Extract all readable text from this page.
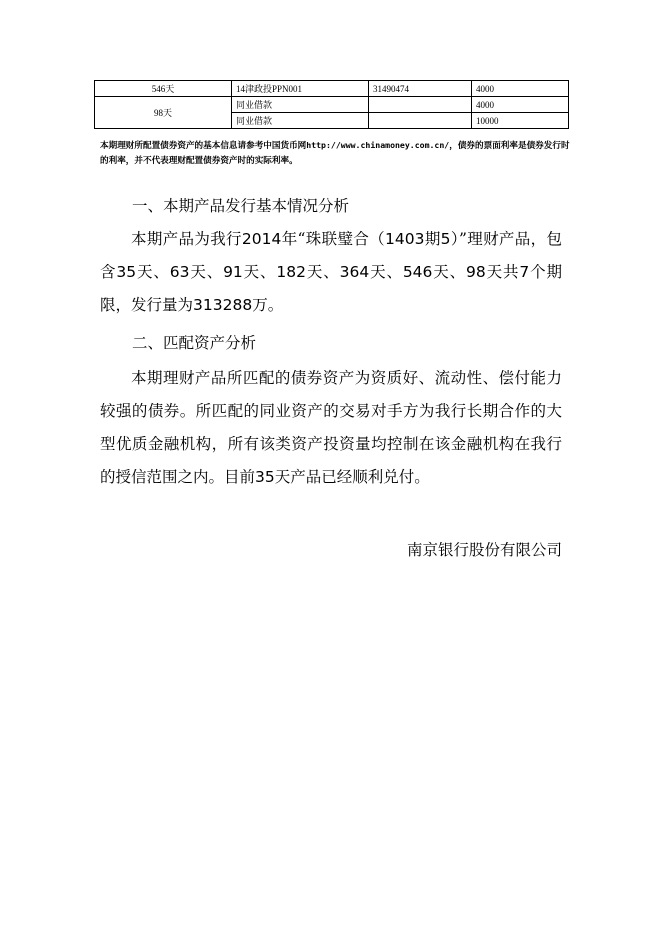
546天	14津政投PPN001	31490474	4000
98天	同业借款		4000
	同业借款		10000
本期理财所配置债券资产的基本信息请参考中国货币网http://www.chinamoney.com.cn/，债券的票面利率是债券发行时的利率，并不代表理财配置债券资产时的实际利率。
一、本期产品发行基本情况分析
本期产品为我行2014年“珠联璧合（1403期5）”理财产品，包含35天、63天、91天、182天、364天、546天、98天共7个期限，发行量为313288万。
二、匹配资产分析
本期理财产品所匹配的债券资产为资质好、流动性、偿付能力较强的债券。所匹配的同业资产的交易对手方为我行长期合作的大型优质金融机构，所有该类资产投资量均控制在该金融机构在我行的授信范围之内。目前35天产品已经顺利兑付。
南京银行股份有限公司
